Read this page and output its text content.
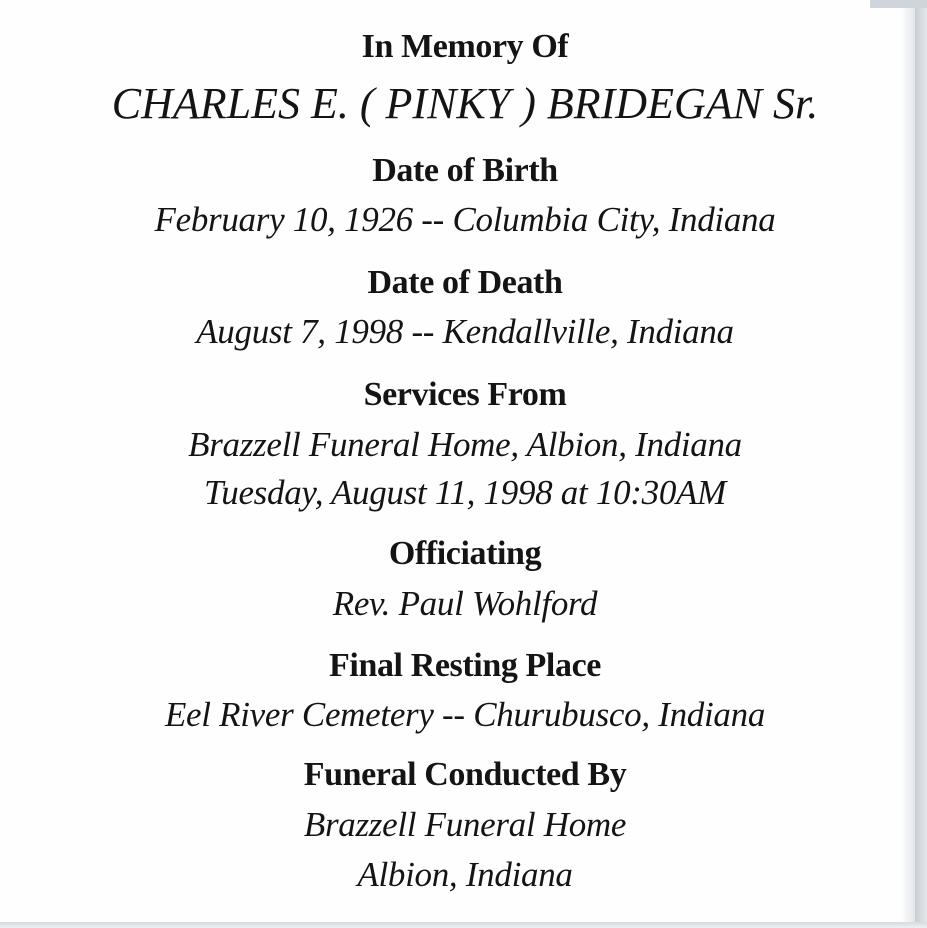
In Memory Of
CHARLES E. ( PINKY ) BRIDEGAN Sr.
Date of Birth
February 10, 1926 -- Columbia City, Indiana
Date of Death
August 7, 1998 -- Kendallville, Indiana
Services From
Brazzell Funeral Home, Albion, Indiana
Tuesday, August 11, 1998 at 10:30AM
Officiating
Rev. Paul Wohlford
Final Resting Place
Eel River Cemetery -- Churubusco, Indiana
Funeral Conducted By
Brazzell Funeral Home
Albion, Indiana
